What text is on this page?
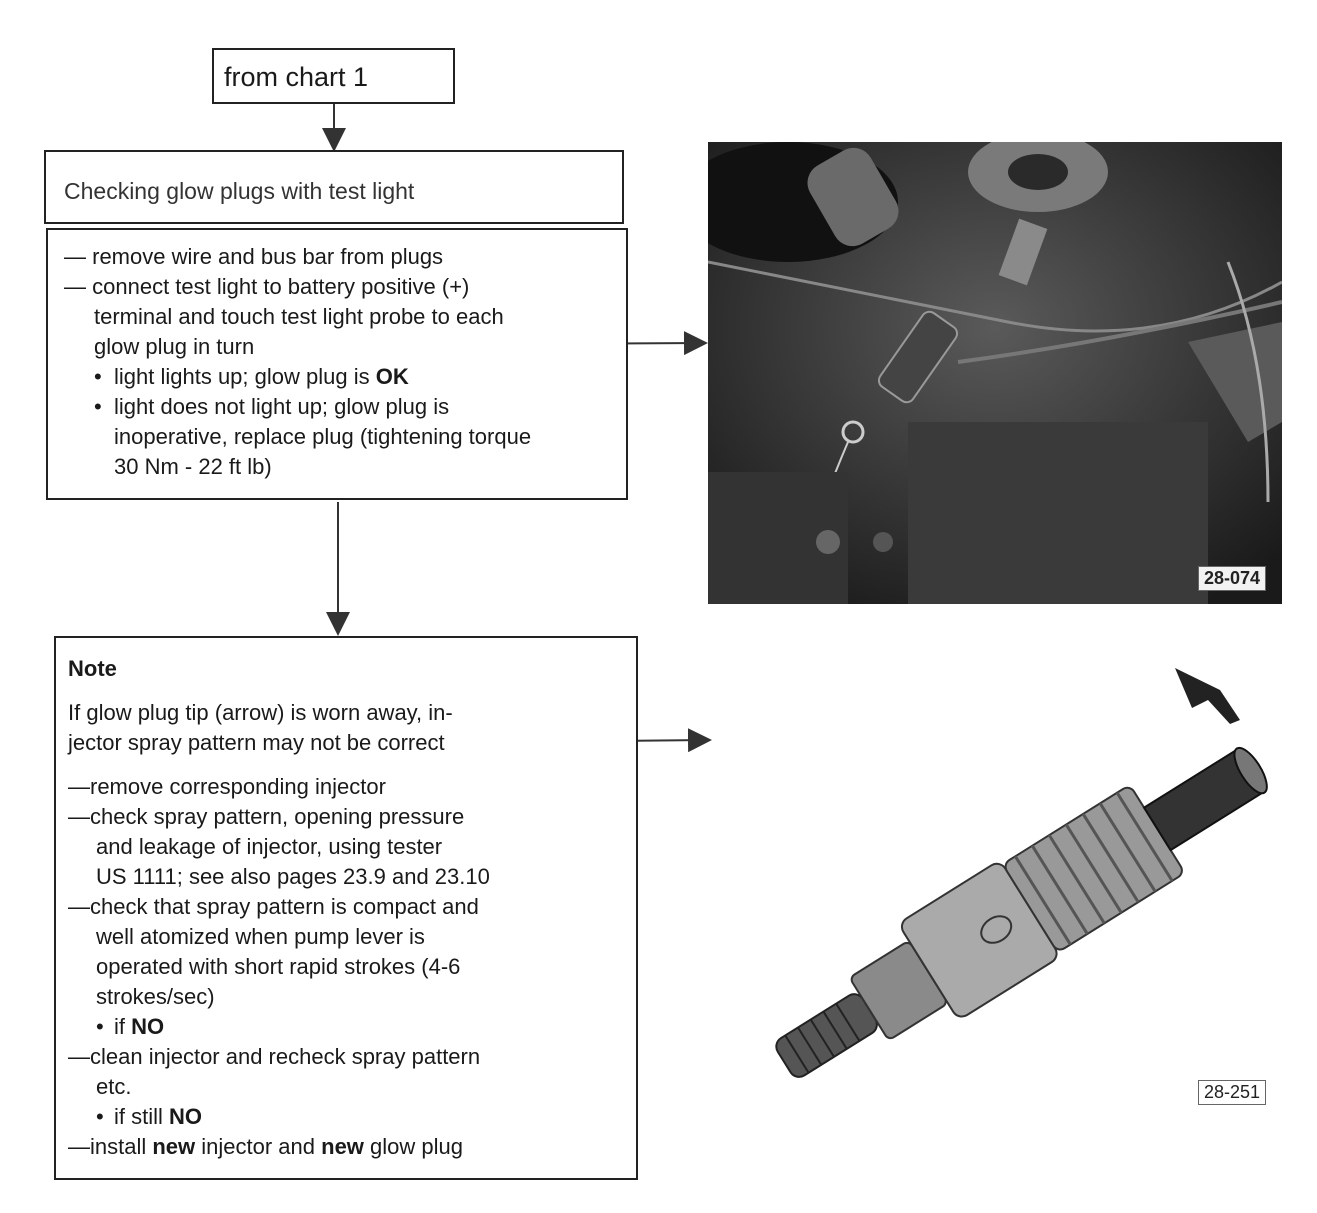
from chart 1
Checking glow plugs with test light
— remove wire and bus bar from plugs
— connect test light to battery positive (+)
terminal and touch test light probe to each
glow plug in turn
• light lights up; glow plug is OK
• light does not light up; glow plug is
inoperative, replace plug (tightening torque
30 Nm - 22 ft lb)
Note
If glow plug tip (arrow) is worn away, in-
jector spray pattern may not be correct
— remove corresponding injector
— check spray pattern, opening pressure
and leakage of injector, using tester
US 1111; see also pages 23.9 and 23.10
— check that spray pattern is compact and
well atomized when pump lever is
operated with short rapid strokes (4-6
strokes/sec)
• if NO
— clean injector and recheck spray pattern
etc.
• if still NO
— install new injector and new glow plug
28-074
28-251
